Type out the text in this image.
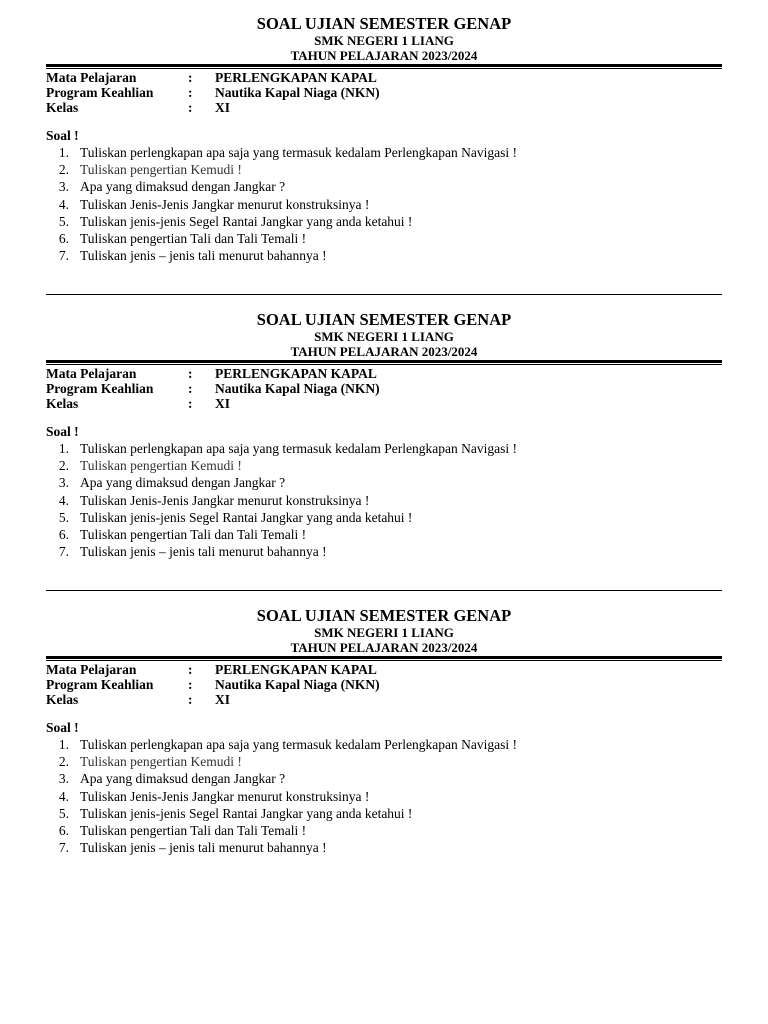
SOAL UJIAN SEMESTER GENAP
SMK NEGERI 1 LIANG
TAHUN PELAJARAN 2023/2024
Mata Pelajaran	:	PERLENGKAPAN KAPAL
Program Keahlian	:	Nautika Kapal Niaga (NKN)
Kelas	:	XI
Soal !
1. Tuliskan perlengkapan apa saja yang termasuk kedalam Perlengkapan Navigasi !
2. Tuliskan pengertian Kemudi !
3. Apa yang dimaksud dengan Jangkar ?
4. Tuliskan Jenis-Jenis Jangkar menurut konstruksinya !
5. Tuliskan jenis-jenis Segel Rantai Jangkar yang anda ketahui !
6. Tuliskan pengertian Tali dan Tali Temali !
7. Tuliskan jenis – jenis tali menurut bahannya !
SOAL UJIAN SEMESTER GENAP
SMK NEGERI 1 LIANG
TAHUN PELAJARAN 2023/2024
Mata Pelajaran	:	PERLENGKAPAN KAPAL
Program Keahlian	:	Nautika Kapal Niaga (NKN)
Kelas	:	XI
Soal !
1. Tuliskan perlengkapan apa saja yang termasuk kedalam Perlengkapan Navigasi !
2. Tuliskan pengertian Kemudi !
3. Apa yang dimaksud dengan Jangkar ?
4. Tuliskan Jenis-Jenis Jangkar menurut konstruksinya !
5. Tuliskan jenis-jenis Segel Rantai Jangkar yang anda ketahui !
6. Tuliskan pengertian Tali dan Tali Temali !
7. Tuliskan jenis – jenis tali menurut bahannya !
SOAL UJIAN SEMESTER GENAP
SMK NEGERI 1 LIANG
TAHUN PELAJARAN 2023/2024
Mata Pelajaran	:	PERLENGKAPAN KAPAL
Program Keahlian	:	Nautika Kapal Niaga (NKN)
Kelas	:	XI
Soal !
1. Tuliskan perlengkapan apa saja yang termasuk kedalam Perlengkapan Navigasi !
2. Tuliskan pengertian Kemudi !
3. Apa yang dimaksud dengan Jangkar ?
4. Tuliskan Jenis-Jenis Jangkar menurut konstruksinya !
5. Tuliskan jenis-jenis Segel Rantai Jangkar yang anda ketahui !
6. Tuliskan pengertian Tali dan Tali Temali !
7. Tuliskan jenis – jenis tali menurut bahannya !
